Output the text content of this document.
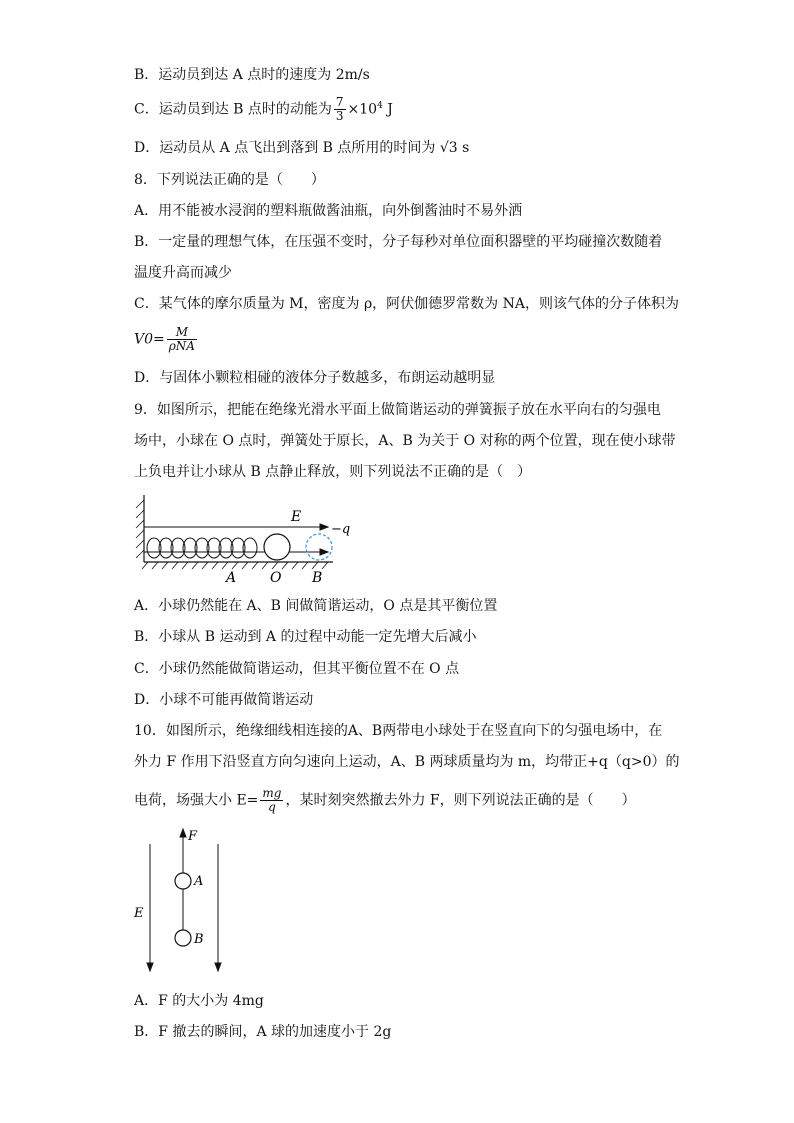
B．运动员到达 A 点时的速度为 2m/s
C．运动员到达 B 点时的动能为 $\frac{7}{3} \times 10^4$ J
D．运动员从 A 点飞出到落到 B 点所用的时间为 √3 s
8．下列说法正确的是（　　）
A．用不能被水浸润的塑料瓶做酱油瓶，向外倒酱油时不易外洒
B．一定量的理想气体，在压强不变时，分子每秒对单位面积器壁的平均碰撞次数随着
温度升高而减少
C．某气体的摩尔质量为 M，密度为 ρ，阿伏伽德罗常数为 NA，则该气体的分子体积为
$V0= \frac{M}{\text{ρNA}}$
D．与固体小颗粒相碰的液体分子数越多，布朗运动越明显
9．如图所示，把能在绝缘光滑水平面上做简谐运动的弹簧振子放在水平向右的匀强电
场中，小球在 O 点时，弹簧处于原长，A、B 为关于 O 对称的两个位置，现在使小球带
上负电并让小球从 B 点静止释放，则下列说法不正确的是（　）
E
−q
A O B
A．小球仍然能在 A、B 间做简谐运动，O 点是其平衡位置
B．小球从 B 运动到 A 的过程中动能一定先增大后减小
C．小球仍然能做简谐运动，但其平衡位置不在 O 点
D．小球不可能再做简谐运动
10．如图所示，绝缘细线相连接的A、B两带电小球处于在竖直向下的匀强电场中，在
外力 F 作用下沿竖直方向匀速向上运动，A、B 两球质量均为 m，均带正+q（q>0）的
电荷，场强大小 $E= \frac{mg}{q}$ ，某时刻突然撤去外力 F，则下列说法正确的是（　　）
F
E
A
B
A．F 的大小为 4mg
B．F 撤去的瞬间，A 球的加速度小于 2g
